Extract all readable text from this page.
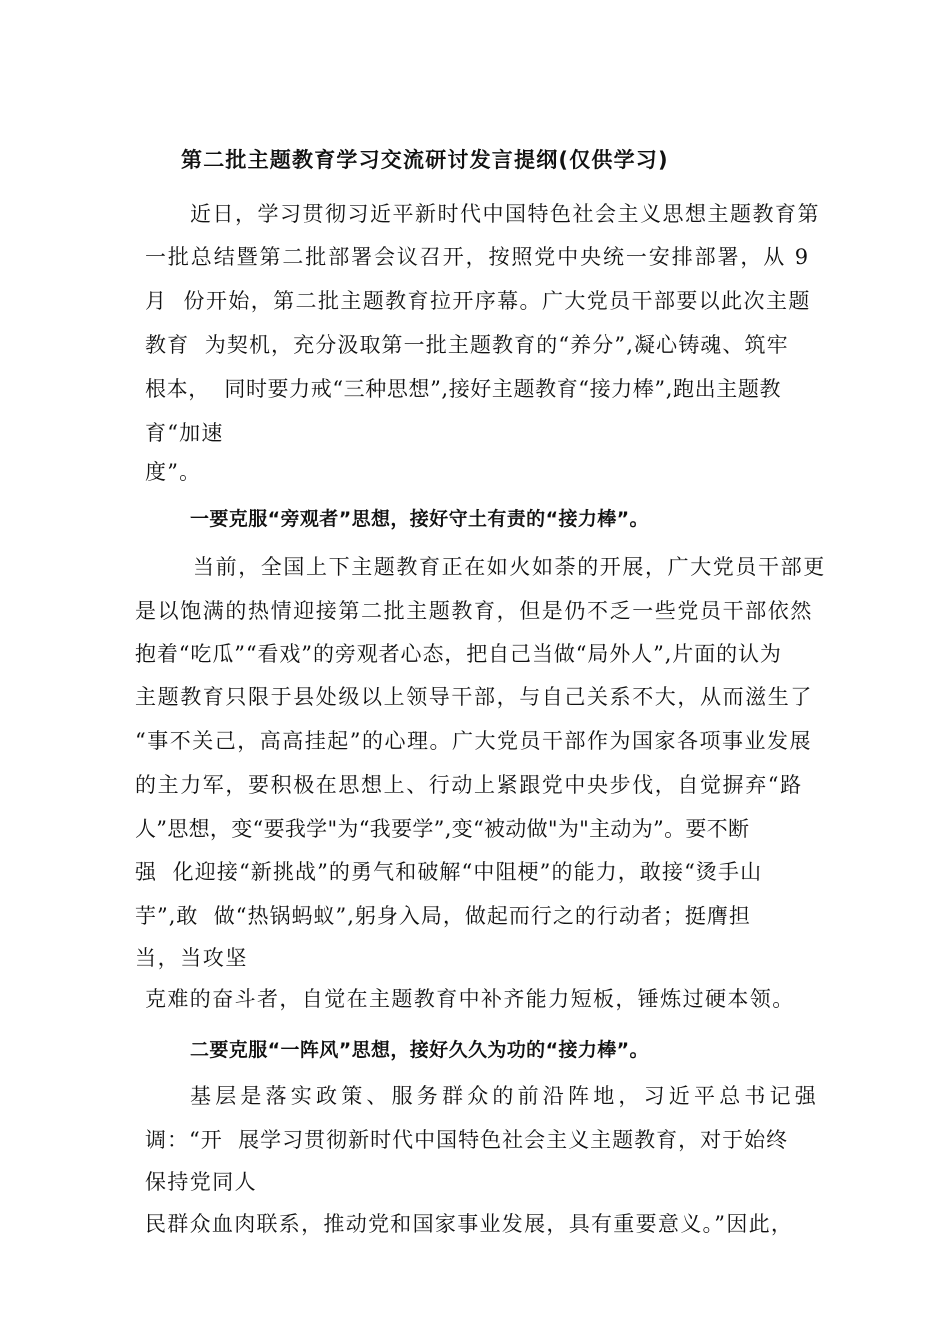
第二批主题教育学习交流研讨发言提纲(仅供学习)
近日，学习贯彻习近平新时代中国特色社会主义思想主题教育第
一批总结暨第二批部署会议召开，按照党中央统一安排部署，从 9
月  份开始，第二批主题教育拉开序幕。广大党员干部要以此次主题
教育  为契机，充分汲取第一批主题教育的“养分”,凝心铸魂、筑牢
根本，  同时要力戒“三种思想”,接好主题教育“接力棒”,跑出主题教
育“加速
度”。
一要克服“旁观者”思想，接好守土有责的“接力棒”。
当前，全国上下主题教育正在如火如荼的开展，广大党员干部更
是以饱满的热情迎接第二批主题教育，但是仍不乏一些党员干部依然
抱着“吃瓜”“看戏”的旁观者心态，把自己当做“局外人”,片面的认为
主题教育只限于县处级以上领导干部，与自己关系不大，从而滋生了
“事不关己，高高挂起”的心理。广大党员干部作为国家各项事业发展
的主力军，要积极在思想上、行动上紧跟党中央步伐，自觉摒弃“路
人”思想，变“要我学"为“我要学”,变“被动做"为"主动为”。要不断
强  化迎接“新挑战”的勇气和破解“中阻梗”的能力，敢接“烫手山
芋”,敢  做“热锅蚂蚁”,躬身入局，做起而行之的行动者；挺膺担
当，当攻坚
克难的奋斗者，自觉在主题教育中补齐能力短板，锤炼过硬本领。
二要克服“一阵风”思想，接好久久为功的“接力棒”。
基层是落实政策、服务群众的前沿阵地，习近平总书记强
调：“开  展学习贯彻新时代中国特色社会主义主题教育，对于始终
保持党同人
民群众血肉联系，推动党和国家事业发展，具有重要意义。”因此，
